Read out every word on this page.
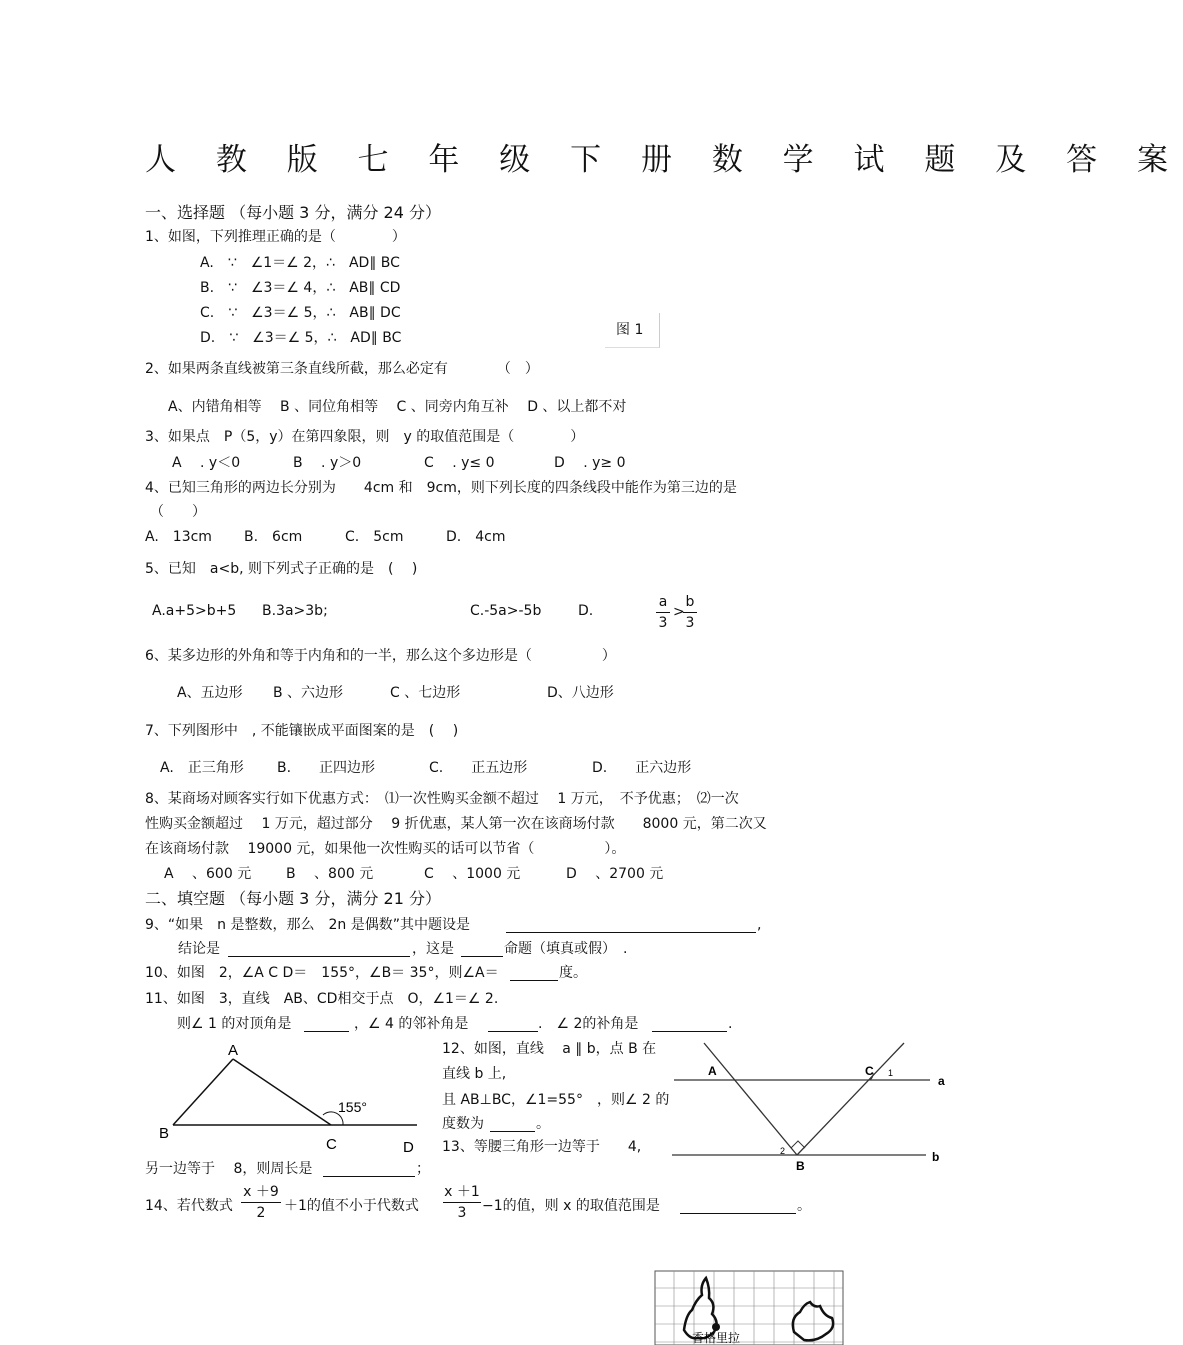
人 教 版 七 年 级 下 册 数 学 试 题 及 答 案
一、选择题 （每小题 3 分，满分 24 分）
1、如图，下列推理正确的是（　　　　）
A.　∵　∠1＝∠ 2，∴　AD∥ BC
B.　∵　∠3＝∠ 4，∴　AB∥ CD
C.　∵　∠3＝∠ 5，∴　AB∥ DC
D.　∵　∠3＝∠ 5，∴　AD∥ BC	图 1
2、如果两条直线被第三条直线所截，那么必定有　　　　（　）
A、内错角相等　 B 、同位角相等　 C 、同旁内角互补　 D 、以上都不对
3、如果点　P（5，y）在第四象限，则　y 的取值范围是（　　　　）
A　 . y＜0	B　 . y＞0	C　 . y≤ 0	D　 . y≥ 0
4、已知三角形的两边长分别为　　4cm 和　9cm，则下列长度的四条线段中能作为第三边的是
（　　）
A.　13cm B.　6cm	C.　5cm	D.　4cm
5、已知　a<b, 则下列式子正确的是　(　 )
A.a+5>b+5 B.3a>3b;	C.-5a>-5b	D.
a
3
>
b
3
6、某多边形的外角和等于内角和的一半，那么这个多边形是（　　　　　）
A、五边形 B 、六边形	C 、七边形	D、八边形
7、下列图形中　, 不能镶嵌成平面图案的是　(　 )
A.　正三角形 B.　　正四边形	C.　　正五边形	D.　　正六边形
8、某商场对顾客实行如下优惠方式：　⑴一次性购买金额不超过　 1 万元，　不予优惠；　⑵一次
性购买金额超过　 1 万元，超过部分　 9 折优惠，某人第一次在该商场付款　　8000 元，第二次又
在该商场付款　 19000 元，如果他一次性购买的话可以节省（　　　　　）。
A　 、600 元 B　 、800 元	C　 、1000 元	D　 、2700 元
二、填空题 （每小题 3 分，满分 21 分）
9、“如果　n 是整数，那么　2n 是偶数”其中题设是	,
结论是	，这是	命题（填真或假）　.
10、如图　2，∠A C D＝　155°，∠B＝ 35°，则∠A＝	度。
11、如图　3，直线　AB、CD相交于点　O，∠1＝∠ 2.
则∠ 1 的对顶角是	，∠ 4 的邻补角是	.　∠ 2的补角是	.
A
B
C	D
155°
12、如图，直线　 a ∥ b，点 B 在
直线 b 上,
且 AB⊥BC，∠1=55°　，则∠ 2 的
度数为	。
A	C 1
2
B
a
b
13、等腰三角形一边等于　　4,
另一边等于　 8，则周长是	；
14、若代数式
x ＋9
2	＋1的值不小于代数式
x ＋1
3	−1的值，则 x 的取值范围是	。
香格里拉
